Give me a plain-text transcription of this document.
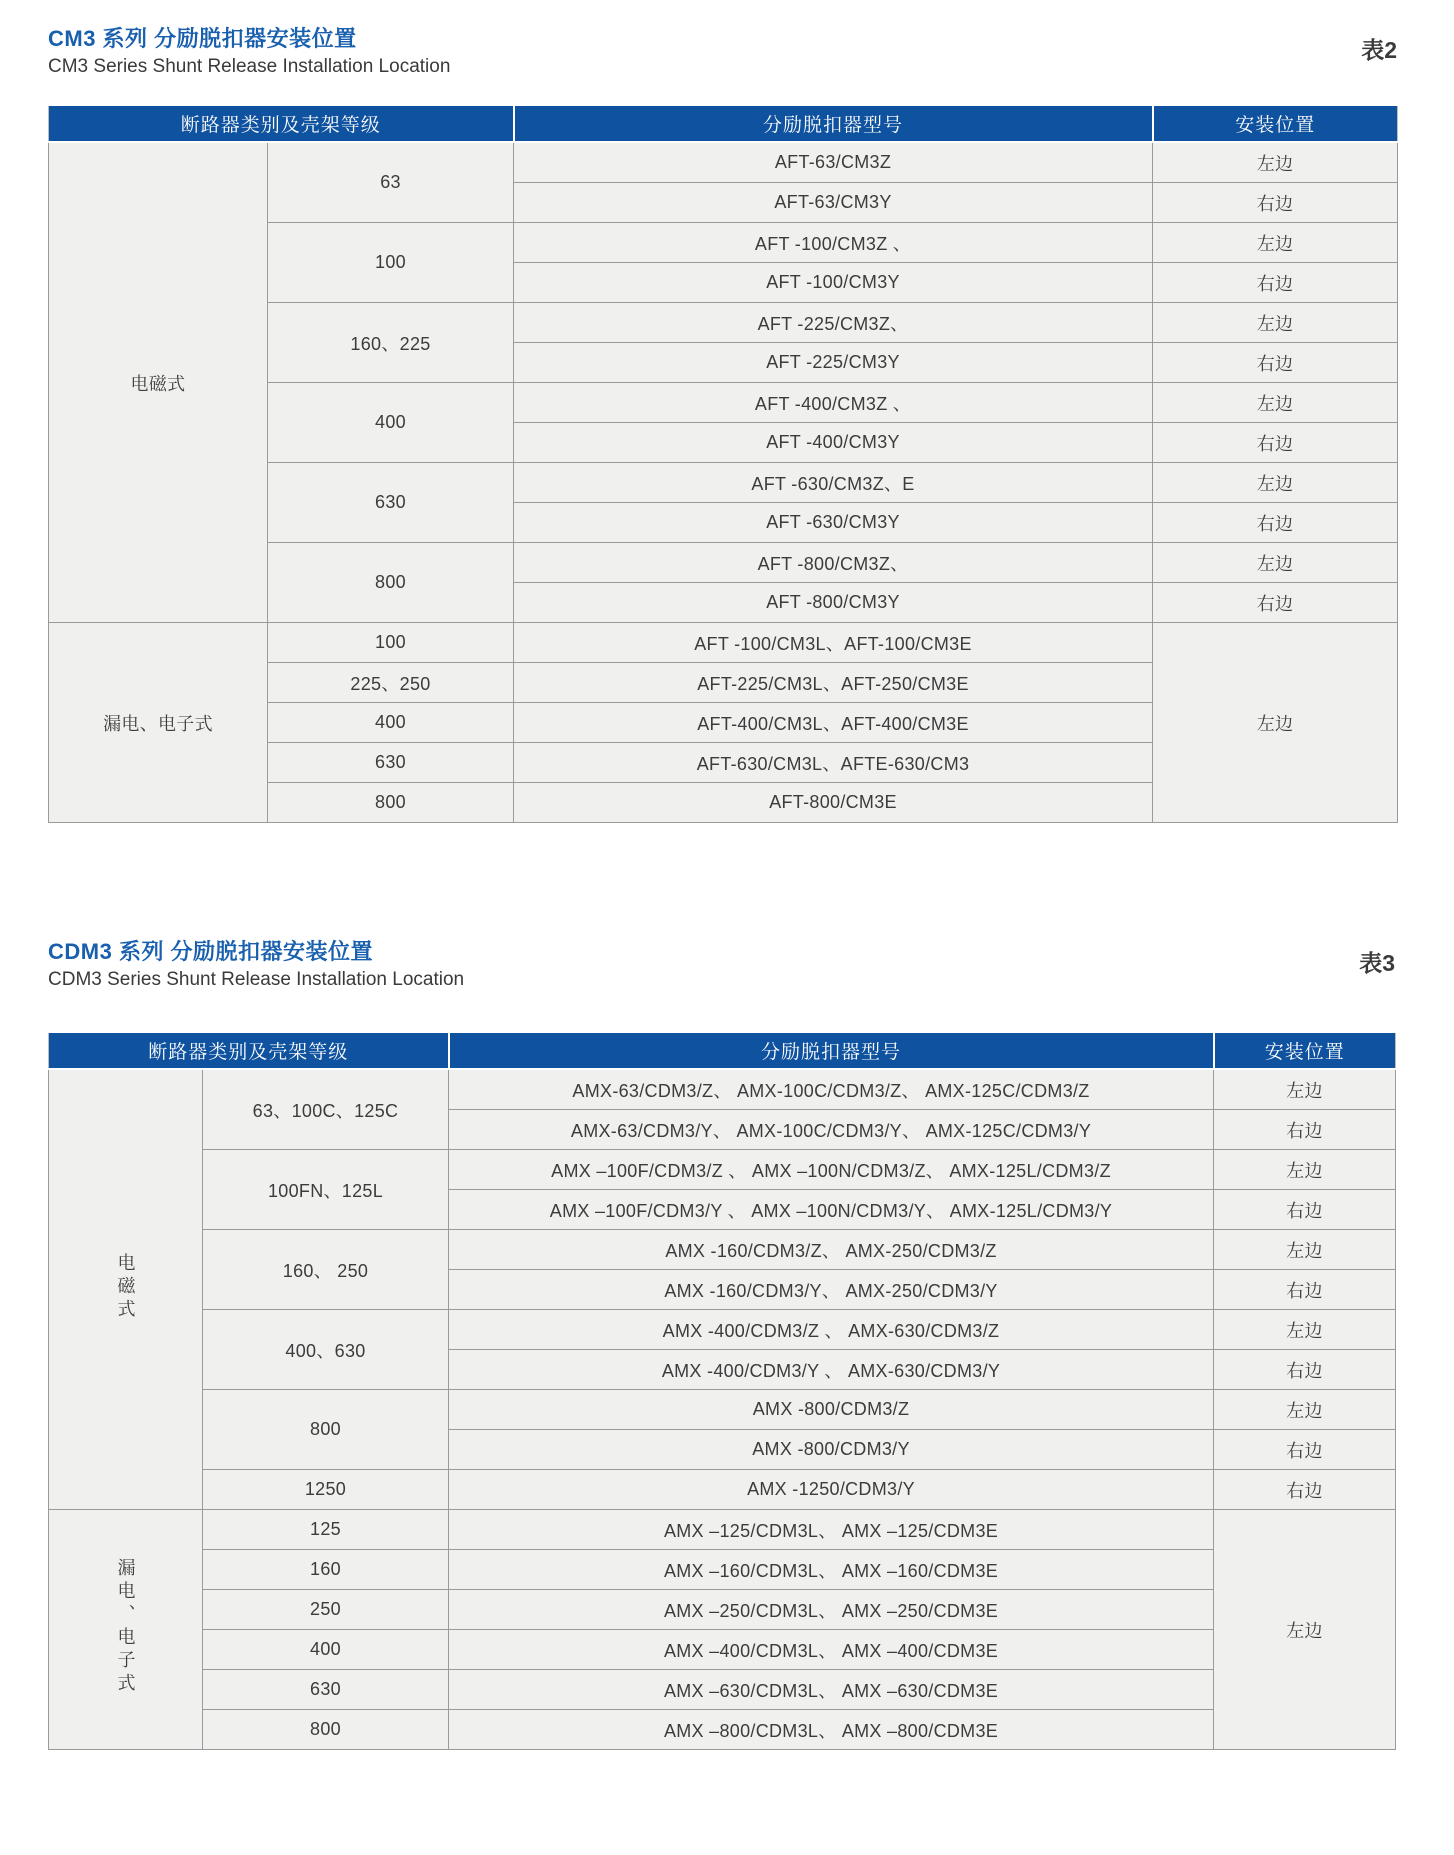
CM3 系列 分励脱扣器安装位置
CM3 Series Shunt Release Installation Location
表2
断路器类别及壳架等级		分励脱扣器型号	安装位置
电磁式	63	AFT-63/CM3Z	左边
		AFT-63/CM3Y	右边
	100	AFT -100/CM3Z 、	左边
		AFT -100/CM3Y	右边
	160、225	AFT -225/CM3Z、	左边
		AFT -225/CM3Y	右边
	400	AFT -400/CM3Z 、	左边
		AFT -400/CM3Y	右边
	630	AFT -630/CM3Z、E	左边
		AFT -630/CM3Y	右边
	800	AFT -800/CM3Z、	左边
		AFT -800/CM3Y	右边
漏电、电子式	100	AFT -100/CM3L、AFT-100/CM3E	左边
	225、250	AFT-225/CM3L、AFT-250/CM3E	
	400	AFT-400/CM3L、AFT-400/CM3E	
	630	AFT-630/CM3L、AFTE-630/CM3	
	800	AFT-800/CM3E	
CDM3 系列 分励脱扣器安装位置
CDM3 Series Shunt Release Installation Location
表3
断路器类别及壳架等级		分励脱扣器型号	安装位置
电磁式	63、100C、125C	AMX-63/CDM3/Z、 AMX-100C/CDM3/Z、 AMX-125C/CDM3/Z	左边
		AMX-63/CDM3/Y、 AMX-100C/CDM3/Y、 AMX-125C/CDM3/Y	右边
	100FN、125L	AMX –100F/CDM3/Z 、 AMX –100N/CDM3/Z、 AMX-125L/CDM3/Z	左边
		AMX –100F/CDM3/Y 、 AMX –100N/CDM3/Y、 AMX-125L/CDM3/Y	右边
	160、 250	AMX -160/CDM3/Z、 AMX-250/CDM3/Z	左边
		AMX -160/CDM3/Y、 AMX-250/CDM3/Y	右边
	400、630	AMX -400/CDM3/Z 、 AMX-630/CDM3/Z	左边
		AMX -400/CDM3/Y 、 AMX-630/CDM3/Y	右边
	800	AMX -800/CDM3/Z	左边
		AMX -800/CDM3/Y	右边
	1250	AMX -1250/CDM3/Y	右边
漏电、电子式	125	AMX –125/CDM3L、 AMX –125/CDM3E	左边
	160	AMX –160/CDM3L、 AMX –160/CDM3E	
	250	AMX –250/CDM3L、 AMX –250/CDM3E	
	400	AMX –400/CDM3L、 AMX –400/CDM3E	
	630	AMX –630/CDM3L、 AMX –630/CDM3E	
	800	AMX –800/CDM3L、 AMX –800/CDM3E	
